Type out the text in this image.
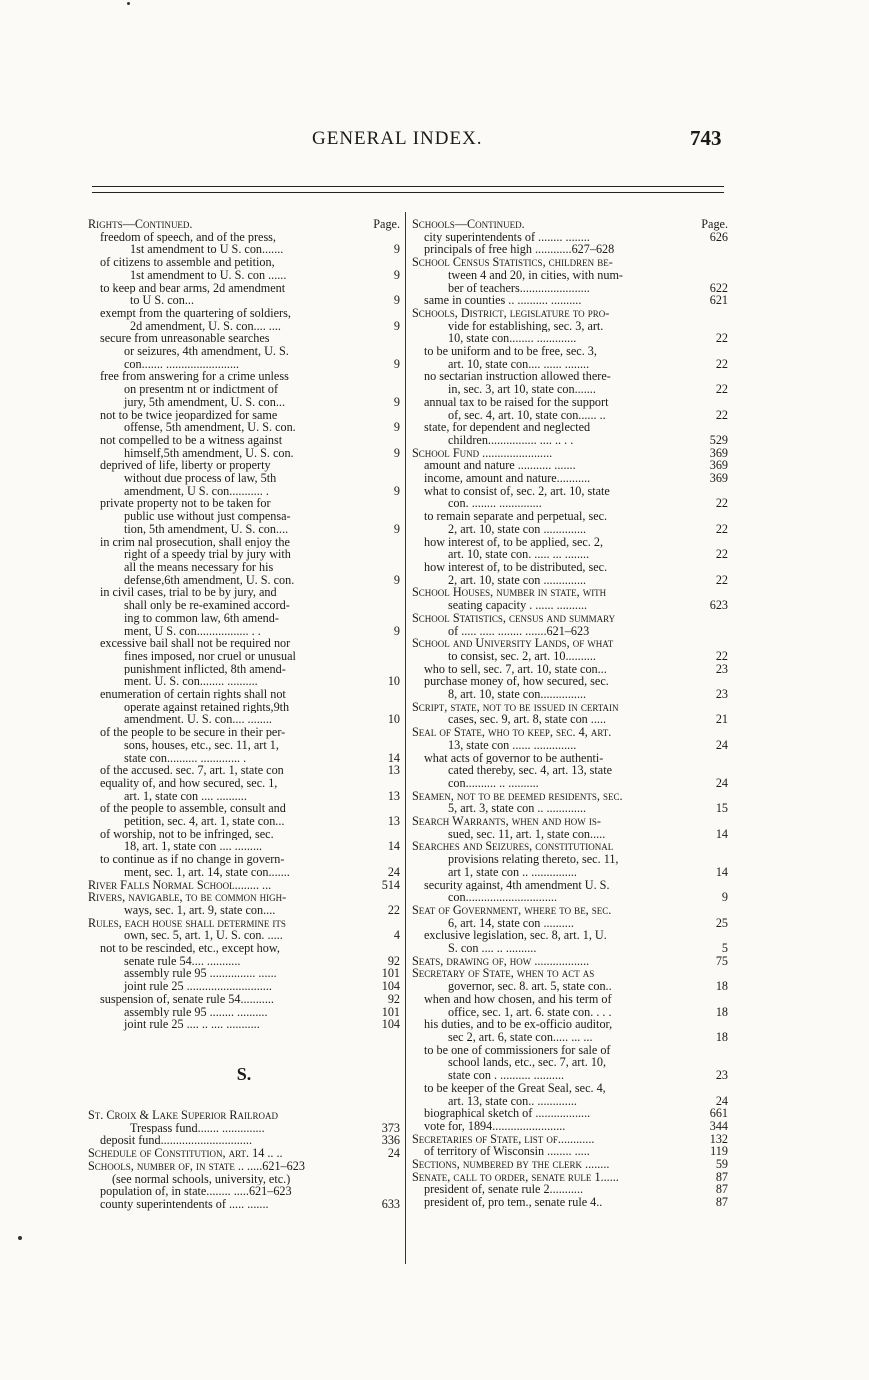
GENERAL INDEX.	743
Rights—Continued.	Page.
freedom of speech, and of the press,
1st amendment to U S. con.......	9
of citizens to assemble and petition,
1st amendment to U. S. con ......	9
to keep and bear arms, 2d amendment
to U S. con...	9
exempt from the quartering of soldiers,
2d amendment, U. S. con.... ....	9
secure from unreasonable searches
or seizures, 4th amendment, U. S.
con....... ........................	9
free from answering for a crime unless
on presentm nt or indictment of
jury, 5th amendment, U. S. con...	9
not to be twice jeopardized for same
offense, 5th amendment, U. S. con.	9
not compelled to be a witness against
himself,5th amendment, U. S. con.	9
deprived of life, liberty or property
without due process of law, 5th
amendment, U S. con........... .	9
private property not to be taken for
public use without just compensa-
tion, 5th amendment, U. S. con....	9
in crim nal prosecution, shall enjoy the
right of a speedy trial by jury with
all the means necessary for his
defense,6th amendment, U. S. con.	9
in civil cases, trial to be by jury, and
shall only be re-examined accord-
ing to common law, 6th amend-
ment, U S. con................. . .	9
excessive bail shall not be required nor
fines imposed, nor cruel or unusual
punishment inflicted, 8th amend-
ment. U. S. con........ ..........	10
enumeration of certain rights shall not
operate against retained rights,9th
amendment. U. S. con.... ........	10
of the people to be secure in their per-
sons, houses, etc., sec. 11, art 1,
state con.......... ............. .	14
of the accused. sec. 7, art. 1, state con	13
equality of, and how secured, sec. 1,
art. 1, state con .... ..........	13
of the people to assemble, consult and
petition, sec. 4, art. 1, state con...	13
of worship, not to be infringed, sec.
18, art. 1, state con .... .........	14
to continue as if no change in govern-
ment, sec. 1, art. 14, state con.......	24
River Falls Normal School........ ...	514
Rivers, navigable, to be common high-
ways, sec. 1, art. 9, state con....	22
Rules, each house shall determine its
own, sec. 5, art. 1, U. S. con. .....	4
not to be rescinded, etc., except how,
senate rule 54.... ...........	92
assembly rule 95 ............... ......	101
joint rule 25 ............................	104
suspension of, senate rule 54...........	92
assembly rule 95 ........ ..........	101
joint rule 25 .... .. .... ...........	104
S.
St. Croix & Lake Superior Railroad
Trespass fund....... ..............	373
deposit fund..............................	336
Schedule of Constitution, art. 14 .. ..	24
Schools, number of, in state .. .....621–623
(see normal schools, university, etc.)
population of, in state........ .....621–623
county superintendents of ..... .......	633
Schools—Continued.	Page.
city superintendents of ........ ........	626
principals of free high ............627–628
School Census Statistics, children be-
tween 4 and 20, in cities, with num-
ber of teachers.......................	622
same in counties .. .......... ..........	621
Schools, District, legislature to pro-
vide for establishing, sec. 3, art.
10, state con........ .............	22
to be uniform and to be free, sec. 3,
art. 10, state con.... ...... ........	22
no sectarian instruction allowed there-
in, sec. 3, art 10, state con.......	22
annual tax to be raised for the support
of, sec. 4, art. 10, state con...... ..	22
state, for dependent and neglected
children................ .... .. . .	529
School Fund .......................	369
amount and nature ........... .......	369
income, amount and nature...........	369
what to consist of, sec. 2, art. 10, state
con. ........ ..............	22
to remain separate and perpetual, sec.
2, art. 10, state con ..............	22
how interest of, to be applied, sec. 2,
art. 10, state con. ..... ... ........	22
how interest of, to be distributed, sec.
2, art. 10, state con ..............	22
School Houses, number in state, with
seating capacity . ...... ..........	623
School Statistics, census and summary
of ..... ..... ........ .......621–623
School and University Lands, of what
to consist, sec. 2, art. 10..........	22
who to sell, sec. 7, art. 10, state con...	23
purchase money of, how secured, sec.
8, art. 10, state con...............	23
Script, state, not to be issued in certain
cases, sec. 9, art. 8, state con .....	21
Seal of State, who to keep, sec. 4, art.
13, state con ...... ..............	24
what acts of governor to be authenti-
cated thereby, sec. 4, art. 13, state
con.......... .. ..........	24
Seamen, not to be deemed residents, sec.
5, art. 3, state con .. .............	15
Search Warrants, when and how is-
sued, sec. 11, art. 1, state con.....	14
Searches and Seizures, constitutional
provisions relating thereto, sec. 11,
art 1, state con .. ...............	14
security against, 4th amendment U. S.
con..............................	9
Seat of Government, where to be, sec.
6, art. 14, state con ..........	25
exclusive legislation, sec. 8, art. 1, U.
S. con .... .. ..........	5
Seats, drawing of, how ..................	75
Secretary of State, when to act as
governor, sec. 8. art. 5, state con..	18
when and how chosen, and his term of
office, sec. 1, art. 6. state con. . . .	18
his duties, and to be ex-officio auditor,
sec 2, art. 6, state con..... ... ...	18
to be one of commissioners for sale of
school lands, etc., sec. 7, art. 10,
state con . .......... ..........	23
to be keeper of the Great Seal, sec. 4,
art. 13, state con.. .............	24
biographical sketch of ..................	661
vote for, 1894........................	344
Secretaries of State, list of............	132
of territory of Wisconsin ........ .....	119
Sections, numbered by the clerk ........	59
Senate, call to order, senate rule 1......	87
president of, senate rule 2...........	87
president of, pro tem., senate rule 4..	87
